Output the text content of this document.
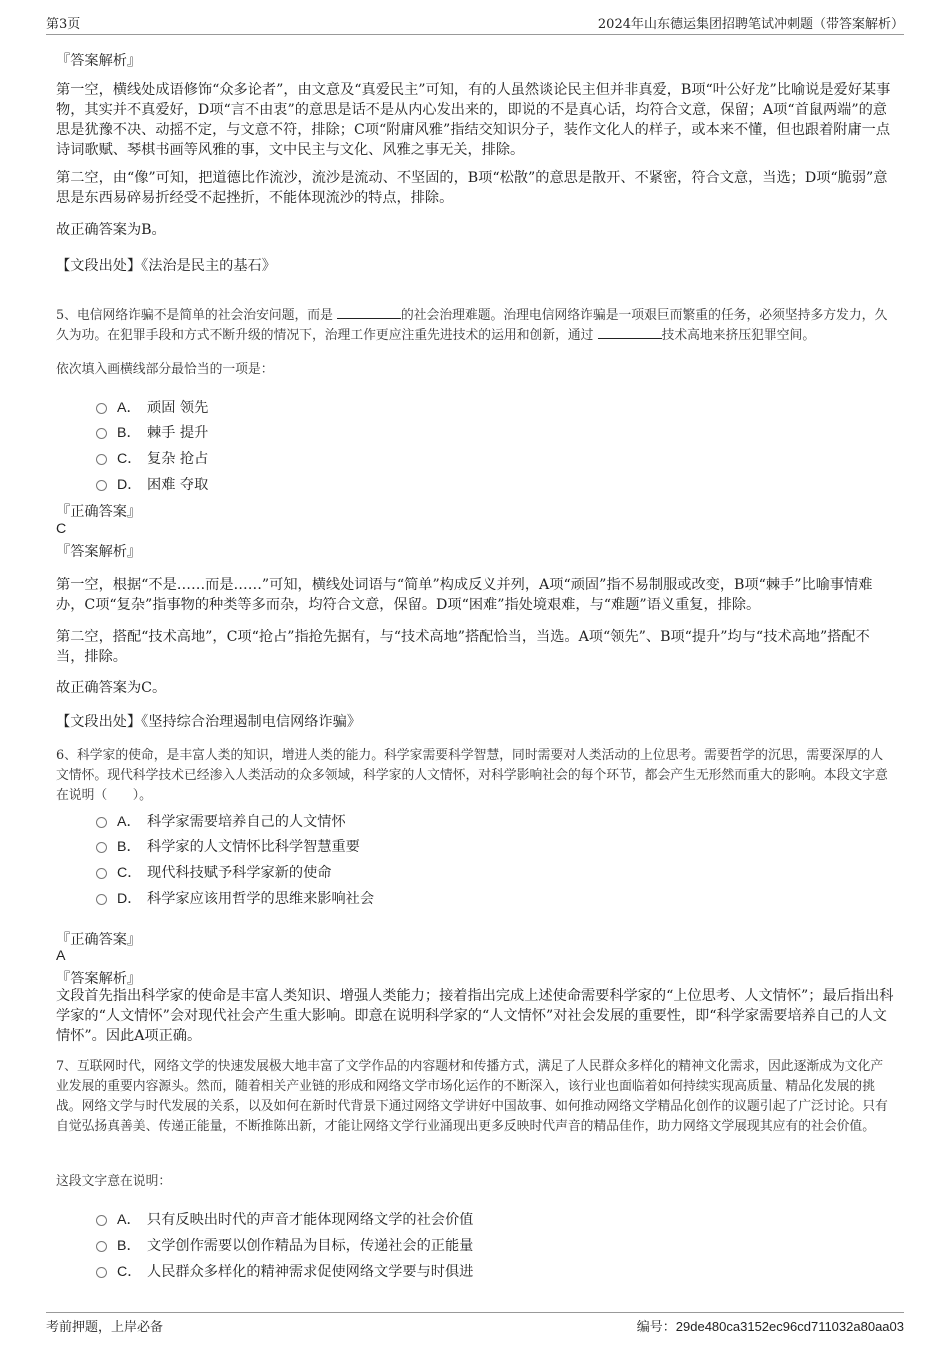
第3页	2024年山东德运集团招聘笔试冲刺题（带答案解析）
『答案解析』

第一空，横线处成语修饰“众多论者”，由文意及“真爱民主”可知，有的人虽然谈论民主但并非真爱，B项“叶公好龙”比喻说是爱好某事物，其实并不真爱好，D项“言不由衷”的意思是话不是从内心发出来的，即说的不是真心话，均符合文意，保留；A项“首鼠两端”的意思是犹豫不决、动摇不定，与文意不符，排除；C项“附庸风雅”指结交知识分子，装作文化人的样子，或本来不懂，但也跟着附庸一点诗词歌赋、琴棋书画等风雅的事，文中民主与文化、风雅之事无关，排除。

第二空，由“像”可知，把道德比作流沙，流沙是流动、不坚固的，B项“松散”的意思是散开、不紧密，符合文意，当选；D项“脆弱”意思是东西易碎易折经受不起挫折，不能体现流沙的特点，排除。

故正确答案为B。

【文段出处】《法治是民主的基石》

5、电信网络诈骗不是简单的社会治安问题，而是	的社会治理难题。治理电信网络诈骗是一项艰巨而繁重的任务，必须坚持多方发力，久久为功。在犯罪手段和方式不断升级的情况下，治理工作更应注重先进技术的运用和创新，通过	技术高地来挤压犯罪空间。

依次填入画横线部分最恰当的一项是：

A． 顽固 领先
B． 棘手 提升
C． 复杂 抢占
D． 困难 夺取
『正确答案』
C
『答案解析』

第一空，根据“不是……而是……”可知，横线处词语与“简单”构成反义并列，A项“顽固”指不易制服或改变，B项“棘手”比喻事情难办，C项“复杂”指事物的种类等多而杂，均符合文意，保留。D项“困难”指处境艰难，与“难题”语义重复，排除。

第二空，搭配“技术高地”，C项“抢占”指抢先据有，与“技术高地”搭配恰当，当选。A项“领先”、B项“提升”均与“技术高地”搭配不当，排除。

故正确答案为C。

【文段出处】《坚持综合治理遏制电信网络诈骗》

6、科学家的使命，是丰富人类的知识，增进人类的能力。科学家需要科学智慧，同时需要对人类活动的上位思考。需要哲学的沉思，需要深厚的人文情怀。现代科学技术已经渗入人类活动的众多领域，科学家的人文情怀，对科学影响社会的每个环节，都会产生无形然而重大的影响。本段文字意在说明（　　）。

A． 科学家需要培养自己的人文情怀
B． 科学家的人文情怀比科学智慧重要
C． 现代科技赋予科学家新的使命
D． 科学家应该用哲学的思维来影响社会
『正确答案』
A
『答案解析』

文段首先指出科学家的使命是丰富人类知识、增强人类能力；接着指出完成上述使命需要科学家的“上位思考、人文情怀”；最后指出科学家的“人文情怀”会对现代社会产生重大影响。即意在说明科学家的“人文情怀”对社会发展的重要性，即“科学家需要培养自己的人文情怀”。因此A项正确。

7、互联网时代，网络文学的快速发展极大地丰富了文学作品的内容题材和传播方式，满足了人民群众多样化的精神文化需求，因此逐渐成为文化产业发展的重要内容源头。然而，随着相关产业链的形成和网络文学市场化运作的不断深入，该行业也面临着如何持续实现高质量、精品化发展的挑战。网络文学与时代发展的关系，以及如何在新时代背景下通过网络文学讲好中国故事、如何推动网络文学精品化创作的议题引起了广泛讨论。只有自觉弘扬真善美、传递正能量，不断推陈出新，才能让网络文学行业涌现出更多反映时代声音的精品佳作，助力网络文学展现其应有的社会价值。

这段文字意在说明：

A． 只有反映出时代的声音才能体现网络文学的社会价值
B． 文学创作需要以创作精品为目标，传递社会的正能量
C． 人民群众多样化的精神需求促使网络文学要与时俱进
考前押题，上岸必备	编号：29de480ca3152ec96cd711032a80aa03
